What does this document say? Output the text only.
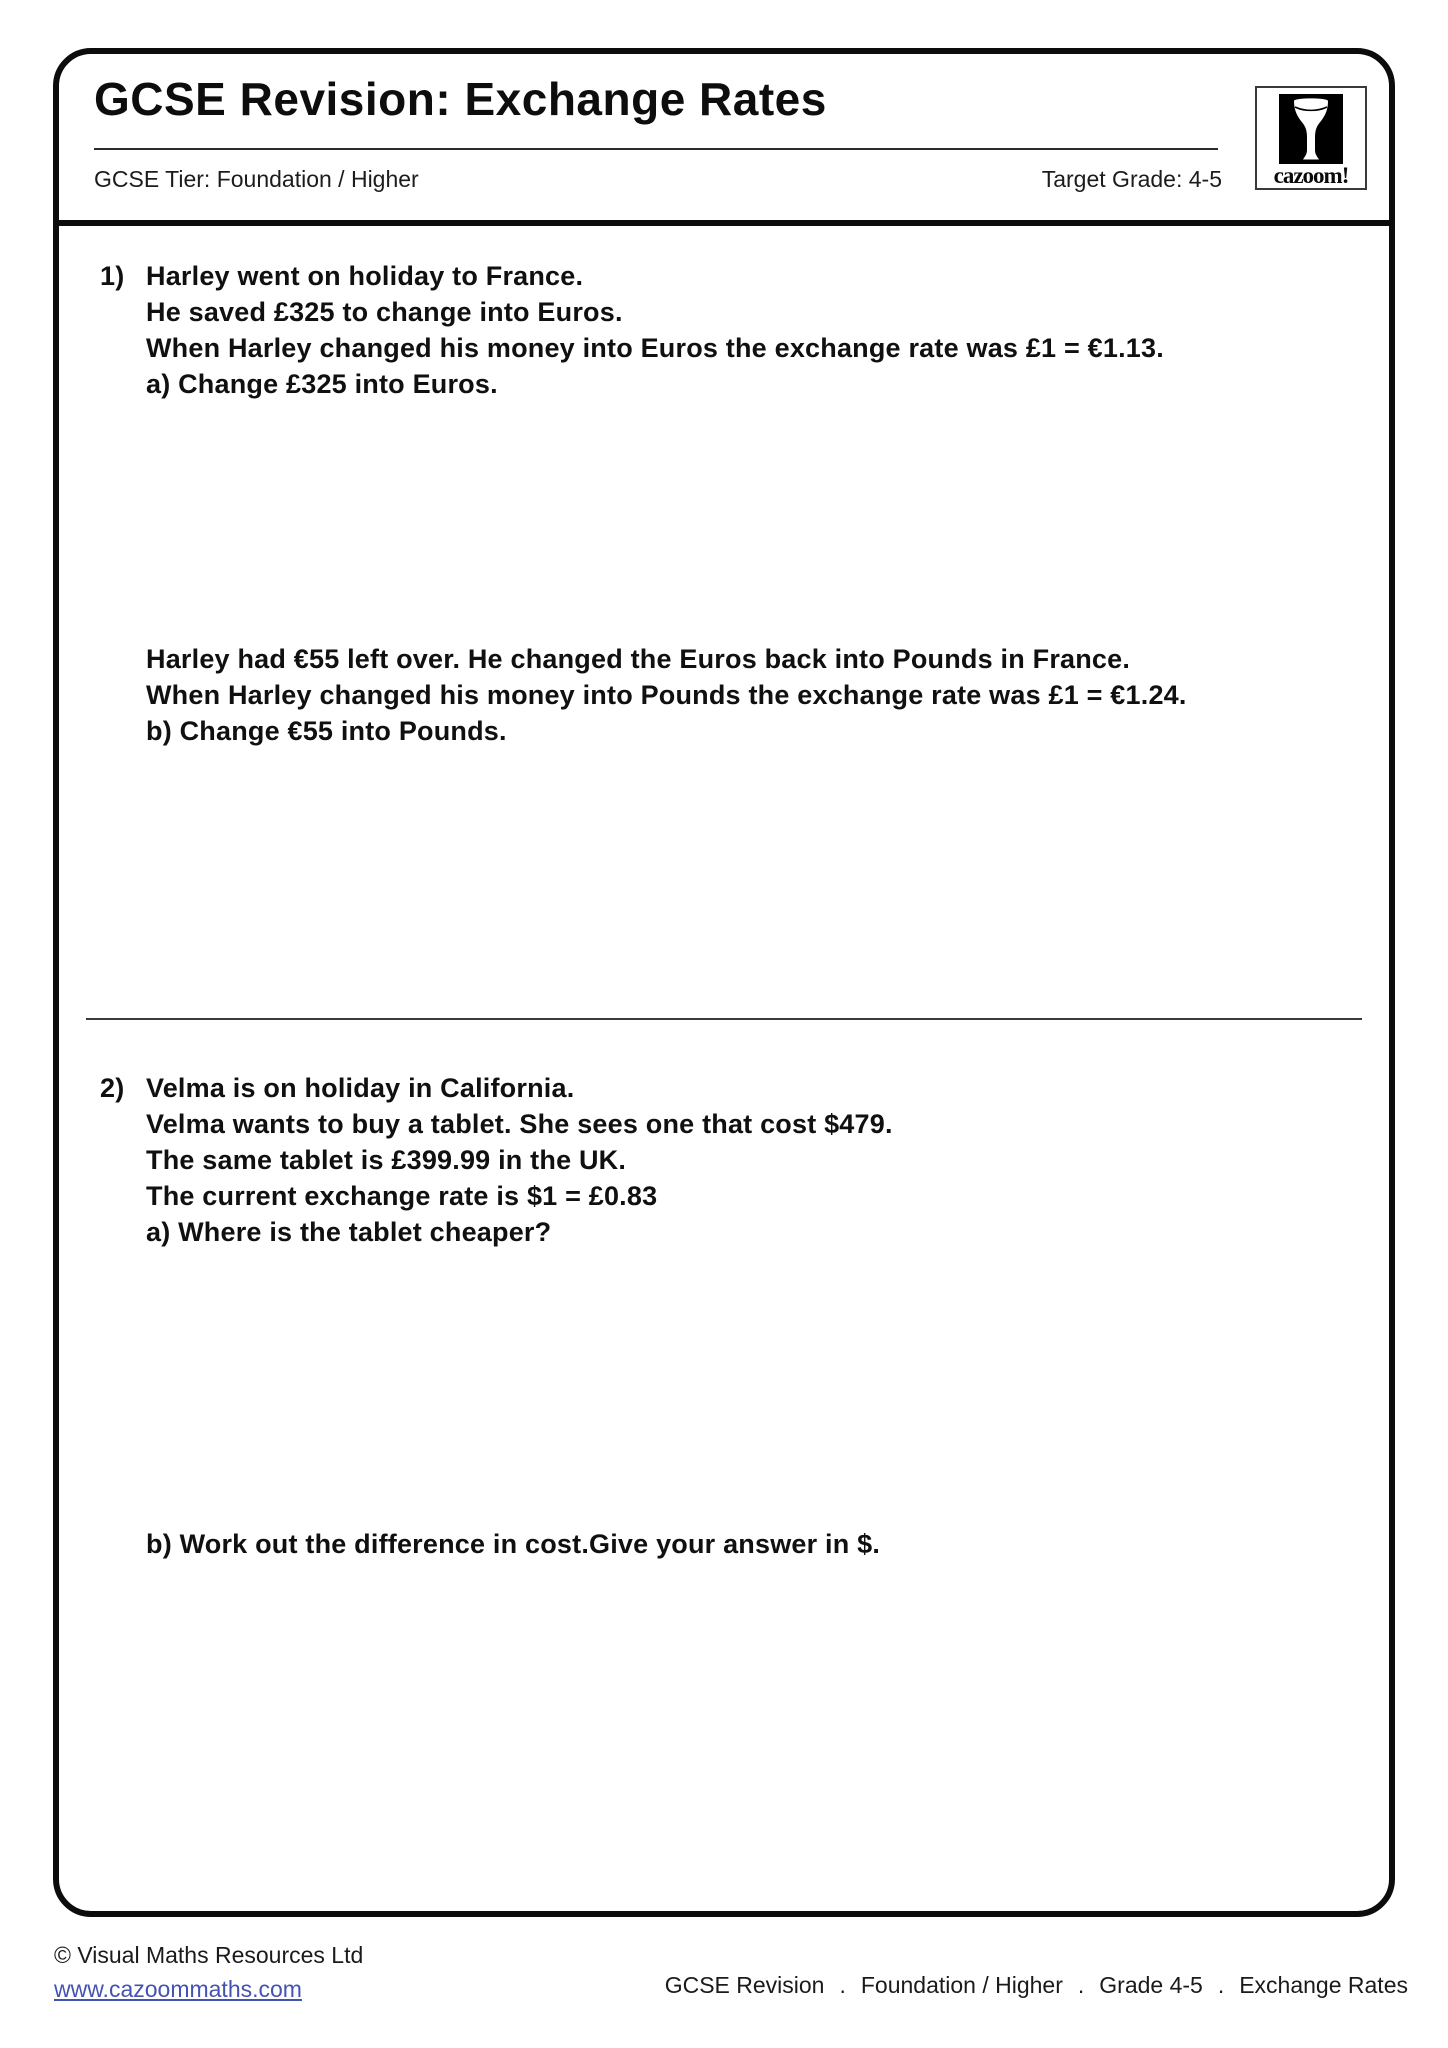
GCSE Revision: Exchange Rates
GCSE Tier: Foundation / Higher	Target Grade: 4-5	cazoom!
1) Harley went on holiday to France.
He saved £325 to change into Euros.
When Harley changed his money into Euros the exchange rate was £1 = €1.13.
a) Change £325 into Euros.
Harley had €55 left over. He changed the Euros back into Pounds in France.
When Harley changed his money into Pounds the exchange rate was £1 = €1.24.
b) Change €55 into Pounds.
2) Velma is on holiday in California.
Velma wants to buy a tablet. She sees one that cost $479.
The same tablet is £399.99 in the UK.
The current exchange rate is $1 = £0.83
a) Where is the tablet cheaper?
b) Work out the difference in cost.Give your answer in $.
© Visual Maths Resources Ltd
www.cazoommaths.com	GCSE Revision . Foundation / Higher . Grade 4-5 . Exchange Rates
